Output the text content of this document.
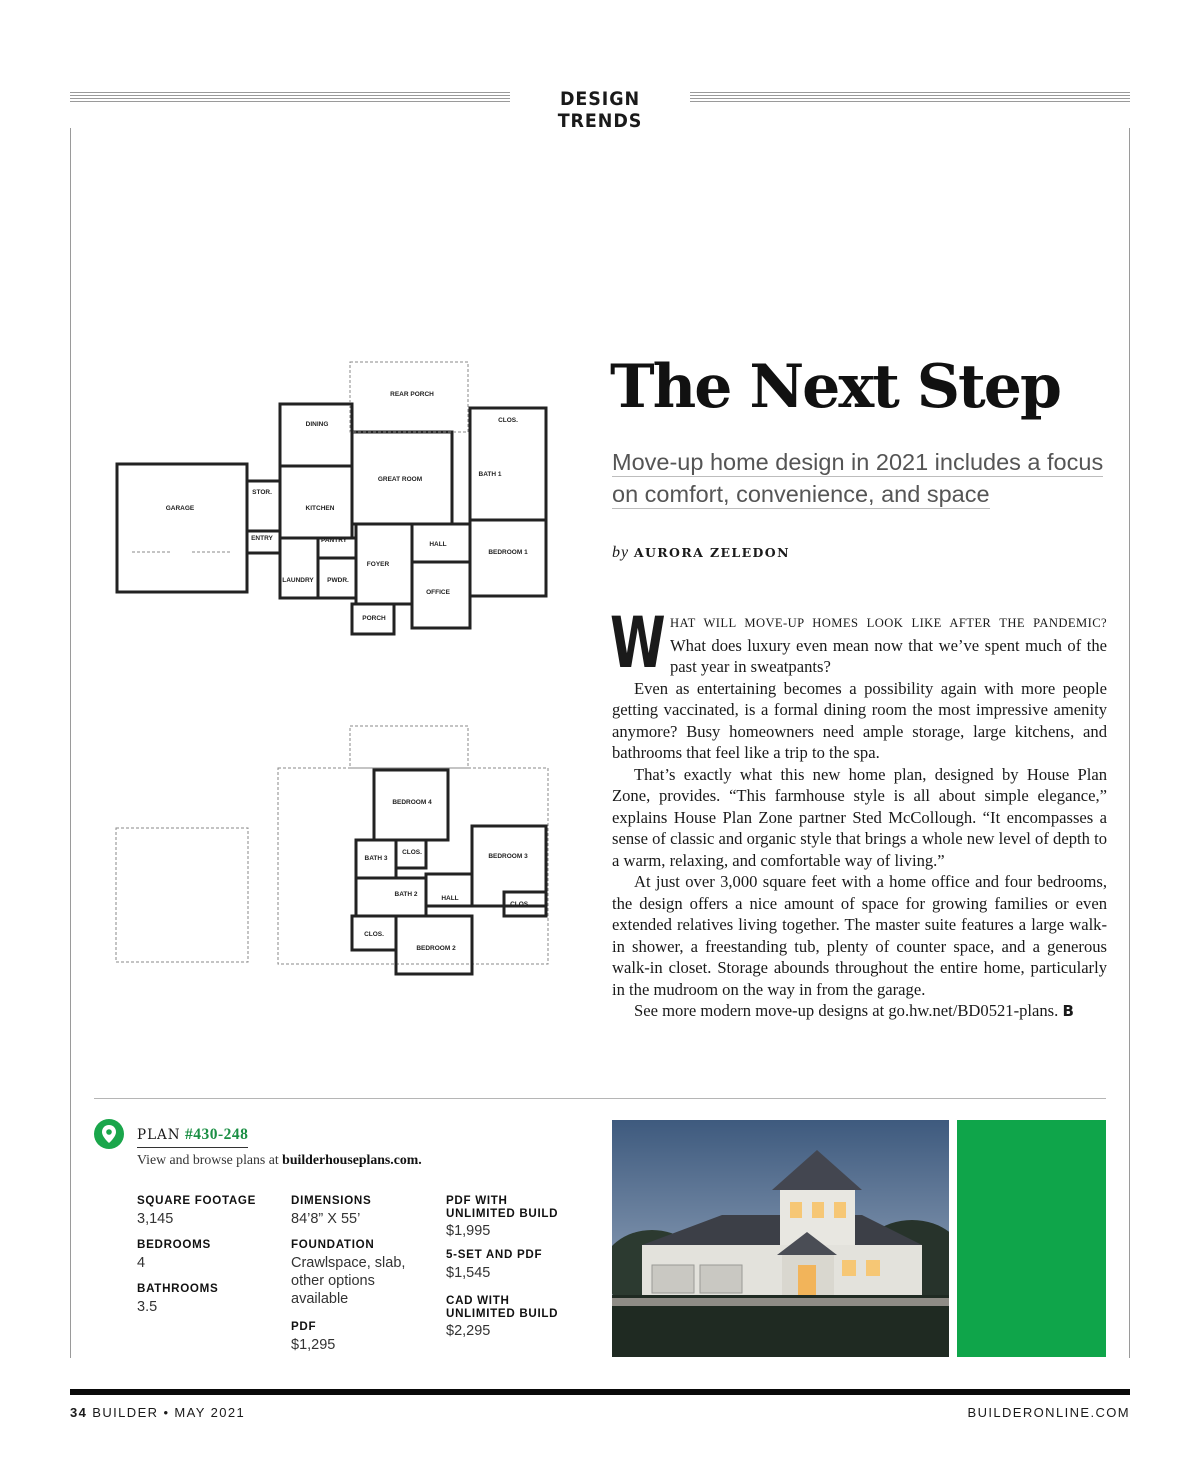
DESIGN TRENDS
REAR PORCH
DINING
GREAT ROOM
CLOS.
BATH 1
GARAGE
STOR.
KITCHEN
ENTRY	PANTRY
FOYER
HALL
BEDROOM 1
LAUNDRY PWDR.
OFFICE
PORCH
BEDROOM 4
BATH 3
CLOS.
BEDROOM 3
BATH 2
HALL
CLOS.
CLOS.
BEDROOM 2
The Next Step
Move-up home design in 2021 includes a focus
on comfort, convenience, and space
by AURORA ZELEDON

W HAT WILL MOVE-UP HOMES LOOK LIKE AFTER THE PANDEMIC? What does luxury even mean now that we’ve spent much of the past year in sweatpants?

Even as entertaining becomes a possibility again with more people getting vaccinated, is a formal dining room the most impressive amenity anymore? Busy homeowners need ample storage, large kitchens, and bathrooms that feel like a trip to the spa.

That’s exactly what this new home plan, designed by House Plan Zone, provides. “This farmhouse style is all about simple elegance,” explains House Plan Zone partner Sted McCollough. “It encompasses a sense of classic and organic style that brings a whole new level of depth to a warm, relaxing, and comfortable way of living.”

At just over 3,000 square feet with a home office and four bedrooms, the design offers a nice amount of space for growing families or even extended relatives living together. The master suite features a large walk-in shower, a freestanding tub, plenty of counter space, and a generous walk-in closet. Storage abounds throughout the entire home, particularly in the mudroom on the way in from the garage.

See more modern move-up designs at go.hw.net/BD0521-plans. B

PLAN #430-248
View and browse plans at builderhouseplans.com.
SQUARE FOOTAGE
3,145
BEDROOMS
4
BATHROOMS
3.5
DIMENSIONS
84’8” X 55’
FOUNDATION
Crawlspace, slab, other options available
PDF
$1,295
PDF WITH UNLIMITED BUILD
$1,995
5-SET AND PDF
$1,545
CAD WITH UNLIMITED BUILD
$2,295
34 BUILDER • MAY 2021	BUILDERONLINE.COM
